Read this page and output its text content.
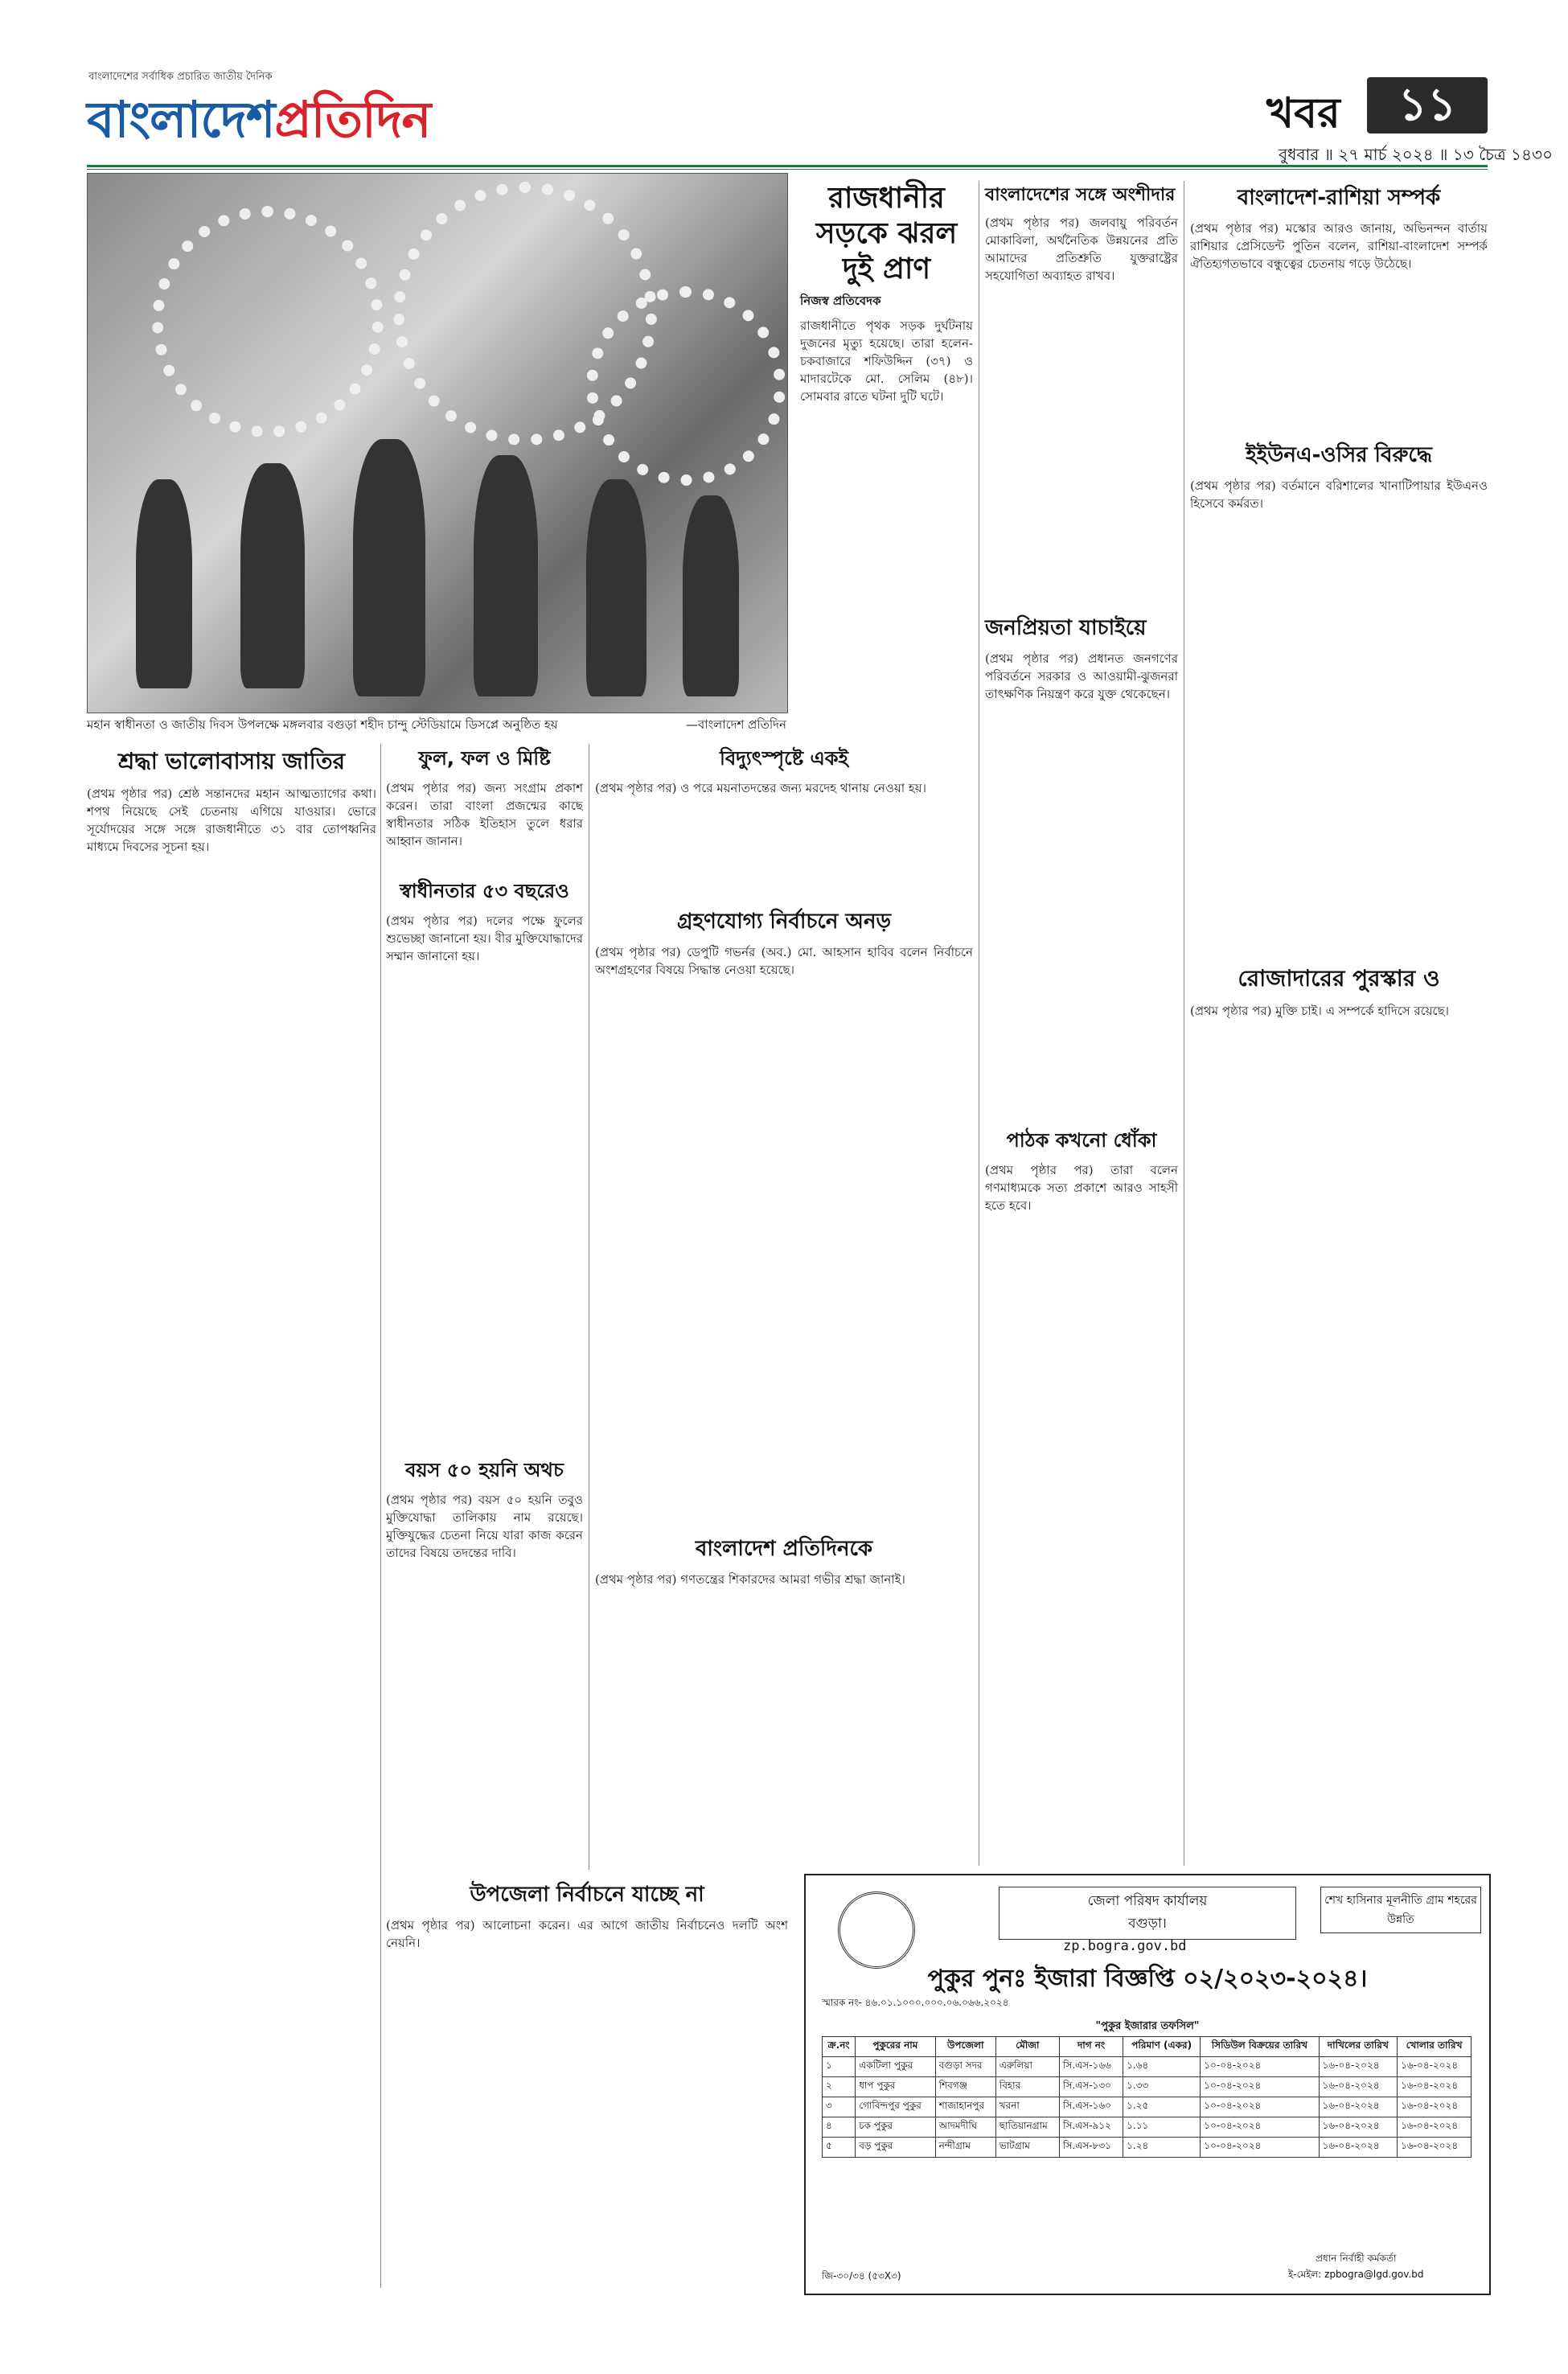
বাংলাদেশের সর্বাধিক প্রচারিত জাতীয় দৈনিক
বাংলাদেশপ্রতিদিন	খবর	১১
বুধবার ॥ ২৭ মার্চ ২০২৪ ॥ ১৩ চৈত্র ১৪৩০
মহান স্বাধীনতা ও জাতীয় দিবস উপলক্ষে মঙ্গলবার বগুড়া শহীদ চান্দু স্টেডিয়ামে ডিসপ্লে অনুষ্ঠিত হয়	—বাংলাদেশ প্রতিদিন
রাজধানীর সড়কে ঝরল দুই প্রাণ
নিজস্ব প্রতিবেদক
রাজধানীতে পৃথক সড়ক দুর্ঘটনায় দুজনের মৃত্যু হয়েছে। তারা হলেন- চকবাজারে শফিউদ্দিন (৩৭) ও মাদারটেকে মো. সেলিম (৪৮)। সোমবার রাতে ঘটনা দুটি ঘটে।
বাংলাদেশের সঙ্গে অংশীদার
(প্রথম পৃষ্ঠার পর) জলবায়ু পরিবর্তন মোকাবিলা, অর্থনৈতিক উন্নয়নের প্রতি আমাদের প্রতিশ্রুতি যুক্তরাষ্ট্রের সহযোগিতা অব্যাহত রাখব।
জনপ্রিয়তা যাচাইয়ে
(প্রথম পৃষ্ঠার পর) প্রধানত জনগণের পরিবর্তনে সরকার ও আওয়ামী-ঝুজনরা তাৎক্ষণিক নিয়ন্ত্রণ করে যুক্ত থেকেছেন।
বাংলাদেশ-রাশিয়া সম্পর্ক
(প্রথম পৃষ্ঠার পর) মস্কোর আরও জানায়, অভিনন্দন বার্তায় রাশিয়ার প্রেসিডেন্ট পুতিন বলেন, রাশিয়া-বাংলাদেশ সম্পর্ক ঐতিহ্যগতভাবে বন্ধুত্বের চেতনায় গড়ে উঠেছে।
ইইউনএ-ওসির বিরুদ্ধে
(প্রথম পৃষ্ঠার পর) বর্তমানে বরিশালের খানাটিপায়ার ইউএনও হিসেবে কর্মরত।
রোজাদারের পুরস্কার ও
(প্রথম পৃষ্ঠার পর) মুক্তি চাই। এ সম্পর্কে হাদিসে রয়েছে।
পাঠক কখনো ধোঁকা
(প্রথম পৃষ্ঠার পর) তারা বলেন গণমাধ্যমকে সত্য প্রকাশে আরও সাহসী হতে হবে।
বিদ্যুৎস্পৃষ্টে একই
(প্রথম পৃষ্ঠার পর) ও পরে ময়নাতদন্তের জন্য মরদেহ থানায় নেওয়া হয়।
গ্রহণযোগ্য নির্বাচনে অনড়
(প্রথম পৃষ্ঠার পর) ডেপুটি গভর্নর (অব.) মো. আহসান হাবিব বলেন নির্বাচনে অংশগ্রহণের বিষয়ে সিদ্ধান্ত নেওয়া হয়েছে।
বাংলাদেশ প্রতিদিনকে
(প্রথম পৃষ্ঠার পর) গণতন্ত্রের শিকারদের আমরা গভীর শ্রদ্ধা জানাই।
শ্রদ্ধা ভালোবাসায় জাতির
(প্রথম পৃষ্ঠার পর) শ্রেষ্ঠ সন্তানদের মহান আত্মত্যাগের কথা। শপথ নিয়েছে সেই চেতনায় এগিয়ে যাওয়ার। ভোরে সূর্যোদয়ের সঙ্গে সঙ্গে রাজধানীতে ৩১ বার তোপধ্বনির মাধ্যমে দিবসের সূচনা হয়।
ফুল, ফল ও মিষ্টি
(প্রথম পৃষ্ঠার পর) জন্য সংগ্রাম প্রকাশ করেন। তারা বাংলা প্রজন্মের কাছে স্বাধীনতার সঠিক ইতিহাস তুলে ধরার আহ্বান জানান।
স্বাধীনতার ৫৩ বছরেও
(প্রথম পৃষ্ঠার পর) দলের পক্ষে ফুলের শুভেচ্ছা জানানো হয়। বীর মুক্তিযোদ্ধাদের সম্মান জানানো হয়।
বয়স ৫০ হয়নি অথচ
(প্রথম পৃষ্ঠার পর) বয়স ৫০ হয়নি তবুও মুক্তিযোদ্ধা তালিকায় নাম রয়েছে। মুক্তিযুদ্ধের চেতনা নিয়ে যারা কাজ করেন তাদের বিষয়ে তদন্তের দাবি।
উপজেলা নির্বাচনে যাচ্ছে না
(প্রথম পৃষ্ঠার পর) আলোচনা করেন। এর আগে জাতীয় নির্বাচনেও দলটি অংশ নেয়নি।
জেলা পরিষদ কার্যালয়
বগুড়া।
শেখ হাসিনার মূলনীতি গ্রাম শহরের উন্নতি
zp.bogra.gov.bd
পুকুর পুনঃ ইজারা বিজ্ঞপ্তি ০২/২০২৩-২০২৪।
স্মারক নং- ৪৬.০১.১০০০.০০০.০৬.০৬৬.২০২৪
"পুকুর ইজারার তফসিল"
ক্র.নং	পুকুরের নাম	উপজেলা	মৌজা	দাগ নং	পরিমাণ (একর)	সিডিউল বিক্রয়ের তারিখ	দাখিলের তারিখ	খোলার তারিখ
১	একটিলা পুকুর	বগুড়া সদর	এরুলিয়া	সি.এস-১৬৬	১.৬৪	১০-০৪-২০২৪	১৬-০৪-২০২৪	১৬-০৪-২০২৪
২	ধাপ পুকুর	শিবগঞ্জ	বিহার	সি.এস-১৩০	১.৩৩	১০-০৪-২০২৪	১৬-০৪-২০২৪	১৬-০৪-২০২৪
৩	গোবিন্দপুর পুকুর	শাজাহানপুর	খরনা	সি.এস-১৬০	১.২৫	১০-০৪-২০২৪	১৬-০৪-২০২৪	১৬-০৪-২০২৪
৪	চক পুকুর	আদমদীঘি	ছাতিয়ানগ্রাম	সি.এস-৯১২	১.১১	১০-০৪-২০২৪	১৬-০৪-২০২৪	১৬-০৪-২০২৪
৫	বড় পুকুর	নন্দীগ্রাম	ভাটগ্রাম	সি.এস-৮৩১	১.২৪	১০-০৪-২০২৪	১৬-০৪-২০২৪	১৬-০৪-২০২৪
জি-৩০/৩৪ (৫৩X৩)
প্রধান নির্বাহী কর্মকর্তা
ই-মেইল: zpbogra@lgd.gov.bd
